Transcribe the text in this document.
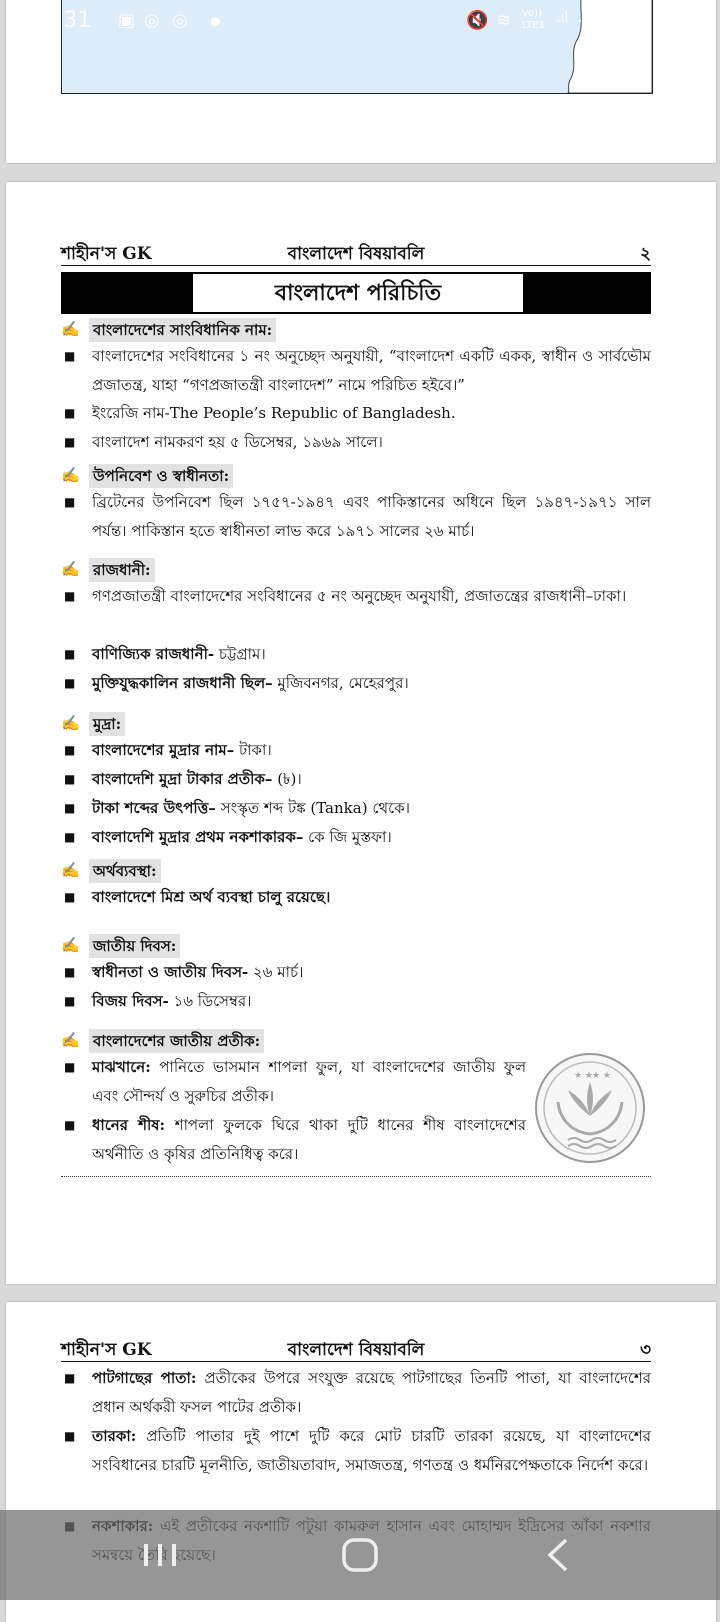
শাহীন'স GK	বাংলাদেশ বিষয়াবলি	২
বাংলাদেশ পরিচিতি
✍ বাংলাদেশের সাংবিধানিক নাম:
■ বাংলাদেশের সংবিধানের ১ নং অনুচ্ছেদ অনুযায়ী, “বাংলাদেশ একটি একক, স্বাধীন ও সার্বভৌম প্রজাতন্ত্র, যাহা “গণপ্রজাতন্ত্রী বাংলাদেশ” নামে পরিচিত হইবে।”
■ ইংরেজি নাম-The People’s Republic of Bangladesh.
■ বাংলাদেশ নামকরণ হয় ৫ ডিসেম্বর, ১৯৬৯ সালে।
✍ উপনিবেশ ও স্বাধীনতা:
■ ব্রিটেনের উপনিবেশ ছিল ১৭৫৭-১৯৪৭ এবং পাকিস্তানের অধিনে ছিল ১৯৪৭-১৯৭১ সাল পর্যন্ত। পাকিস্তান হতে স্বাধীনতা লাভ করে ১৯৭১ সালের ২৬ মার্চ।
✍ রাজধানী:
■ গণপ্রজাতন্ত্রী বাংলাদেশের সংবিধানের ৫ নং অনুচ্ছেদ অনুযায়ী, প্রজাতন্ত্রের রাজধানী–ঢাকা।
■ বাণিজ্যিক রাজধানী- চট্টগ্রাম।
■ মুক্তিযুদ্ধকালিন রাজধানী ছিল– মুজিবনগর, মেহেরপুর।
✍ মুদ্রা:
■ বাংলাদেশের মুদ্রার নাম– টাকা।
■ বাংলাদেশি মুদ্রা টাকার প্রতীক– (৳)।
■ টাকা শব্দের উৎপত্তি– সংস্কৃত শব্দ টঙ্ক (Tanka) থেকে।
■ বাংলাদেশি মুদ্রার প্রথম নকশাকারক– কে জি মুস্তফা।
✍ অর্থব্যবস্থা:
■ বাংলাদেশে মিশ্র অর্থ ব্যবস্থা চালু রয়েছে।
✍ জাতীয় দিবস:
■ স্বাধীনতা ও জাতীয় দিবস- ২৬ মার্চ।
■ বিজয় দিবস- ১৬ ডিসেম্বর।
✍ বাংলাদেশের জাতীয় প্রতীক:
■ মাঝখানে: পানিতে ভাসমান শাপলা ফুল, যা বাংলাদেশের জাতীয় ফুল এবং সৌন্দর্য ও সুরুচির প্রতীক।
■ ধানের শীষ: শাপলা ফুলকে ঘিরে থাকা দুটি ধানের শীষ বাংলাদেশের অর্থনীতি ও কৃষির প্রতিনিধিত্ব করে।
★ ★ ★ ★
শাহীন'স GK	বাংলাদেশ বিষয়াবলি	৩
■ পাটগাছের পাতা: প্রতীকের উপরে সংযুক্ত রয়েছে পাটগাছের তিনটি পাতা, যা বাংলাদেশের প্রধান অর্থকরী ফসল পাটের প্রতীক।
■ তারকা: প্রতিটি পাতার দুই পাশে দুটি করে মোট চারটি তারকা রয়েছে, যা বাংলাদেশের সংবিধানের চারটি মূলনীতি, জাতীয়তাবাদ, সমাজতন্ত্র, গণতন্ত্র ও ধর্মনিরপেক্ষতাকে নির্দেশ করে।
:31 ▣ ◎ ◎ ●	🔇 ≋ Vo))
LTE1 .ıl .ıl 36
